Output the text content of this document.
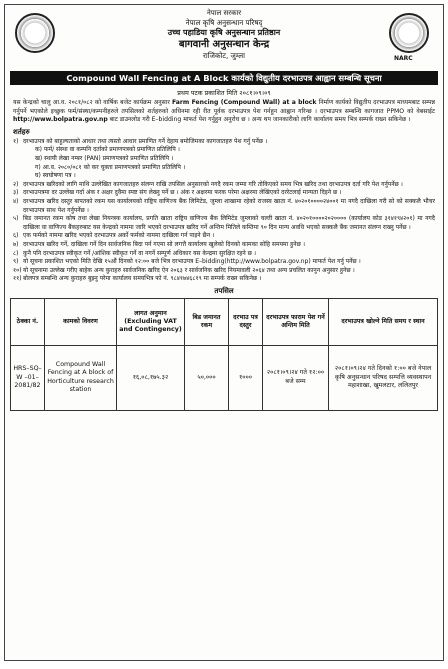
NARC
नेपाल सरकार
नेपाल कृषि अनुसन्धान परिषद्
उच्च पहाडिया कृषि अनुसन्धान प्रतिष्ठान
बागवानी अनुसन्धान केन्द्र
राजिकोट, जुम्ला
Compound Wall Fencing at A Block कार्यको विद्युतीय दरभाउपत्र आह्वान सम्बन्धि सूचना
प्रथम पटक प्रकाशित मिति २०८१।०९।०९
यस केन्द्रको चालु आ.व. २०८१/०८२ को वार्षिक बजेट कार्यक्रम अनुसार Farm Fencing (Compound Wall) at a block निर्माण कार्यको विद्युतीय दरभाउपत्र माध्यमबाट सम्पन्न गर्नुपर्ने भएकोले इच्छुक फर्म/संस्था/कम्पनीहरुले तपसिलको शर्तहरुको अधिनमा रही रीत पूर्वक दरभाउपत्र पेश गर्नहुन आह्वान गरिन्छ । दरभाउपत्र सम्बन्धि कागजात PPMO को वेबसाईट http://www.bolpatra.gov.np बाट डाउनलोड गरी E–bidding माफर्त पेश गर्नुहुन अनुरोध छ । अन्य थप जानकारीको लागि कार्यालय समय भित्र सम्पर्क राख्न सकिनेछ ।
शर्तहरु
१) दरभाउपत्र को बाहुल्यताको आधार तथा त्यस्तो आधार प्रमाणित गर्ने देहाय बमोजिमका कागजातहरु पेश गर्नु पर्नेछ ।
क) फर्म/ संस्था वा कम्पनि दर्ताको प्रमाणपत्रको प्रमाणित प्रतिलिपि ।
ख) स्थायी लेखा नम्बर (PAN) प्रमाणपत्रको प्रमाणित प्रतिलिपि ।
ग) आ.व. २०८०/०८१ को कर चुक्ता प्रमाणपत्रको प्रमाणित प्रतिलिपि ।
घ) स्वघोषणा पत्र ।
२) दरभाउपत्र खरिदको लागि माथि उल्लेखित कागजातहरु संलग्न राखि तपसिल अनुसारको नगदै रकम जम्मा गरि तोकिएको समय भित्र खरिद तथा दरभाउपत्र दर्ता गरि पेश गर्नुपर्नेछ ।
३) दरभाउपत्रमा दर उल्लेख गर्दा अंक र अक्षर दुवैमा स्पष्ट संग लेख्नु पर्ने छ । अंक र अक्षरमा फरक परेमा अक्षरमा लेखिएको दररेटलाई मान्यता दिइने छ ।
४) दरभाउपत्र खरिद दस्तुर बापतको रकम यस कार्यालयको राष्ट्रिय वाणिज्य बैंक लिमिटेड, जुम्ला शाखामा रहेको राजस्व खाता नं. ४०२०१००००२४००१ मा नगदै दाखिला गरी सो को सक्कलै भौचर दरभाउपत्र साथ पेश गर्नुपर्नेछ ।
५) बिड जमानत रकम कोष तथा लेखा नियन्त्रक कार्यालय, प्रगति खाता राष्ट्रिय वाणिज्य बैंक लिमिटेड जुम्लाको चल्ती खाता नं. ४०२०१००००२०२०००० (कार्यालय कोड ३१४१९४२०१) मा नगदै दाखिला वा वाणिज्य बैंकहरुबाट यस केन्द्रको नाममा जारि भएको दरभाउपत्र खरिद गर्ने अन्तिम मितिले कम्तिमा ९० दिन मान्य अवधि भएको सक्कलै बैंक जमानत संलग्न राख्नु पर्नेछ ।
६) एक फर्मको नाममा खरिद भएको दरभाउपत्र अर्को फर्मको नाममा दाखिला गर्न पाइने छैन ।
७) दरभाउपत्र खरिद गर्ने, दाखिला गर्ने दिन सार्वजनिक बिदा पर्न गएमा सो लगत्तै कार्यालय खुलेको दिनको कामका सोहि समयमा हुनेछ ।
८) कुनै पनि दरभाउपत्र स्वीकृत गर्ने /आंशिक स्वीकृत गर्ने वा नगर्ने सम्पूर्ण अधिकार यस केन्द्रमा सुरक्षित रहने छ ।
९) यो सूचना प्रकाशित भएको मिति देखि १५औं दिनको १२:०० बजे भित्र दरभाउपत्र E–bidding(http://www.bolpatra.gov.np) माफर्त पेश गर्नु पर्नेछ ।
१०) यो सूचनामा उल्लेख गरीए बाहेक अन्य कुराहरु सार्वजनिक खरिद ऐन २०६३ र सार्वजनिक खरिद नियमावली २०६४ तथा अन्य प्रचलित कानुन अनुसार हुनेछ ।
११) बोलपत्र सम्बन्धि अन्य कुराहरु बुझ्नु परेमा कार्यालय समयभित्र फो नं. ९८४१७४६८१९ मा सम्पर्क राख्न सकिनेछ ।
तपसिल
ठेक्का नं.	कामको विवरण	लागत अनुमान (Excluding VAT and Contingency)	बिड जमानत रकम	दरभाउ पत्र दस्तुर	दरभाउपत्र फाराम पेश गर्ने अन्तिम मिति	दरभाउपत्र खोल्ने मिति समय र स्थान
HRS–SQ–W –01–2081/82	Compound Wall Fencing at A block of Horticulture research station	१६,०८,१७५.३२	५०,०००	१०००	२०८१।०९।२४ गते १२:०० बजे सम्म	२०८१।०९।२४ गते दिनको १:०० बजे नेपाल कृषि अनुसन्धान परिषद सम्पत्ति व्यवस्थापन महाशाखा, खुमलटार, ललितपुर
